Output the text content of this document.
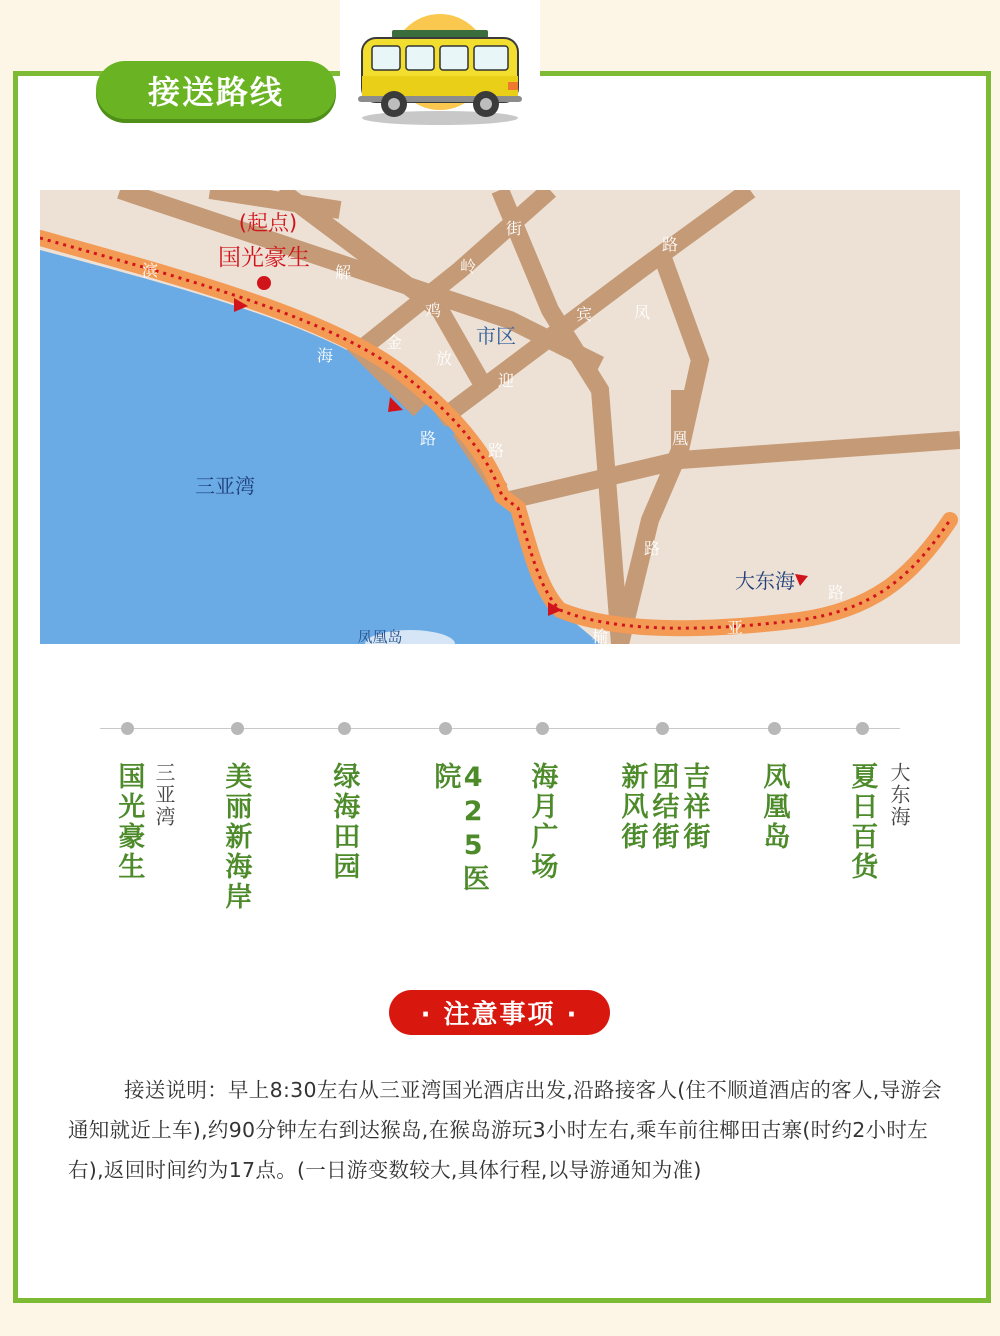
接送路线
(起点)
国光豪生
市区
三亚湾
大东海
凤凰岛
滨
海
路
金
鸡
岭
街
解
放
路
迎
宾
路
凤
凰
路
榆	亚
路
国光豪生 三亚湾 美丽新海岸	绿海田园	425医院	海月广场 新风街 团结街 吉祥街 凤凰岛 夏日百货 大东海
· 注意事项 ·
接送说明：早上8:30左右从三亚湾国光酒店出发,沿路接客人(住不顺道酒店的客人,导游会通知就近上车),约90分钟左右到达猴岛,在猴岛游玩3小时左右,乘车前往椰田古寨(时约2小时左右),返回时间约为17点。(一日游变数较大,具体行程,以导游通知为准)
